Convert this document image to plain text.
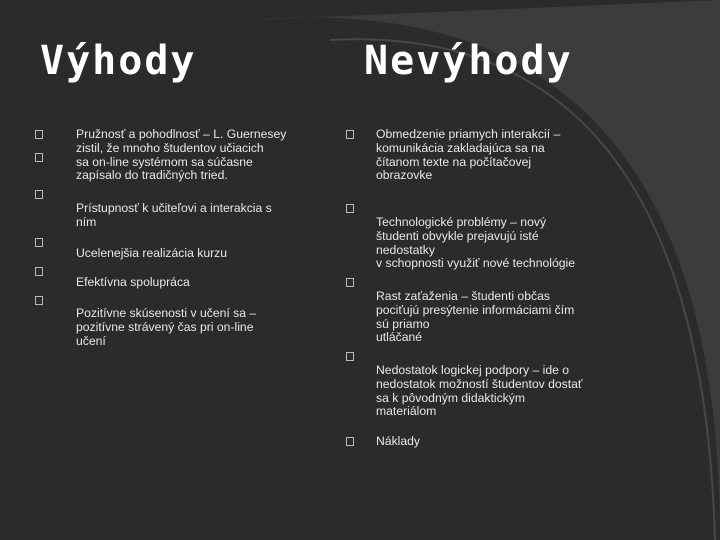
Výhody	Nevýhody
Pružnosť a pohodlnosť – L. Guernesey
zistil, že mnoho študentov učiacich
sa on-line systémom sa súčasne
zapísalo do tradičných tried.
Prístupnosť k učiteľovi a interakcia s
ním
Ucelenejšia realizácia kurzu
Efektívna spolupráca
Pozitívne skúsenosti v učení sa –
pozitívne strávený čas pri on-line
učení
Obmedzenie priamych interakcií –
komunikácia zakladajúca sa na
čítanom texte na počítačovej
obrazovke
Technologické problémy – nový
študenti obvykle prejavujú isté
nedostatky
v schopnosti využiť nové technológie
Rast zaťaženia – študenti občas
pociťujú presýtenie informáciami čím
sú priamo
utláčané
Nedostatok logickej podpory – ide o
nedostatok možností študentov dostať
sa k pôvodným didaktickým
materiálom
Náklady
